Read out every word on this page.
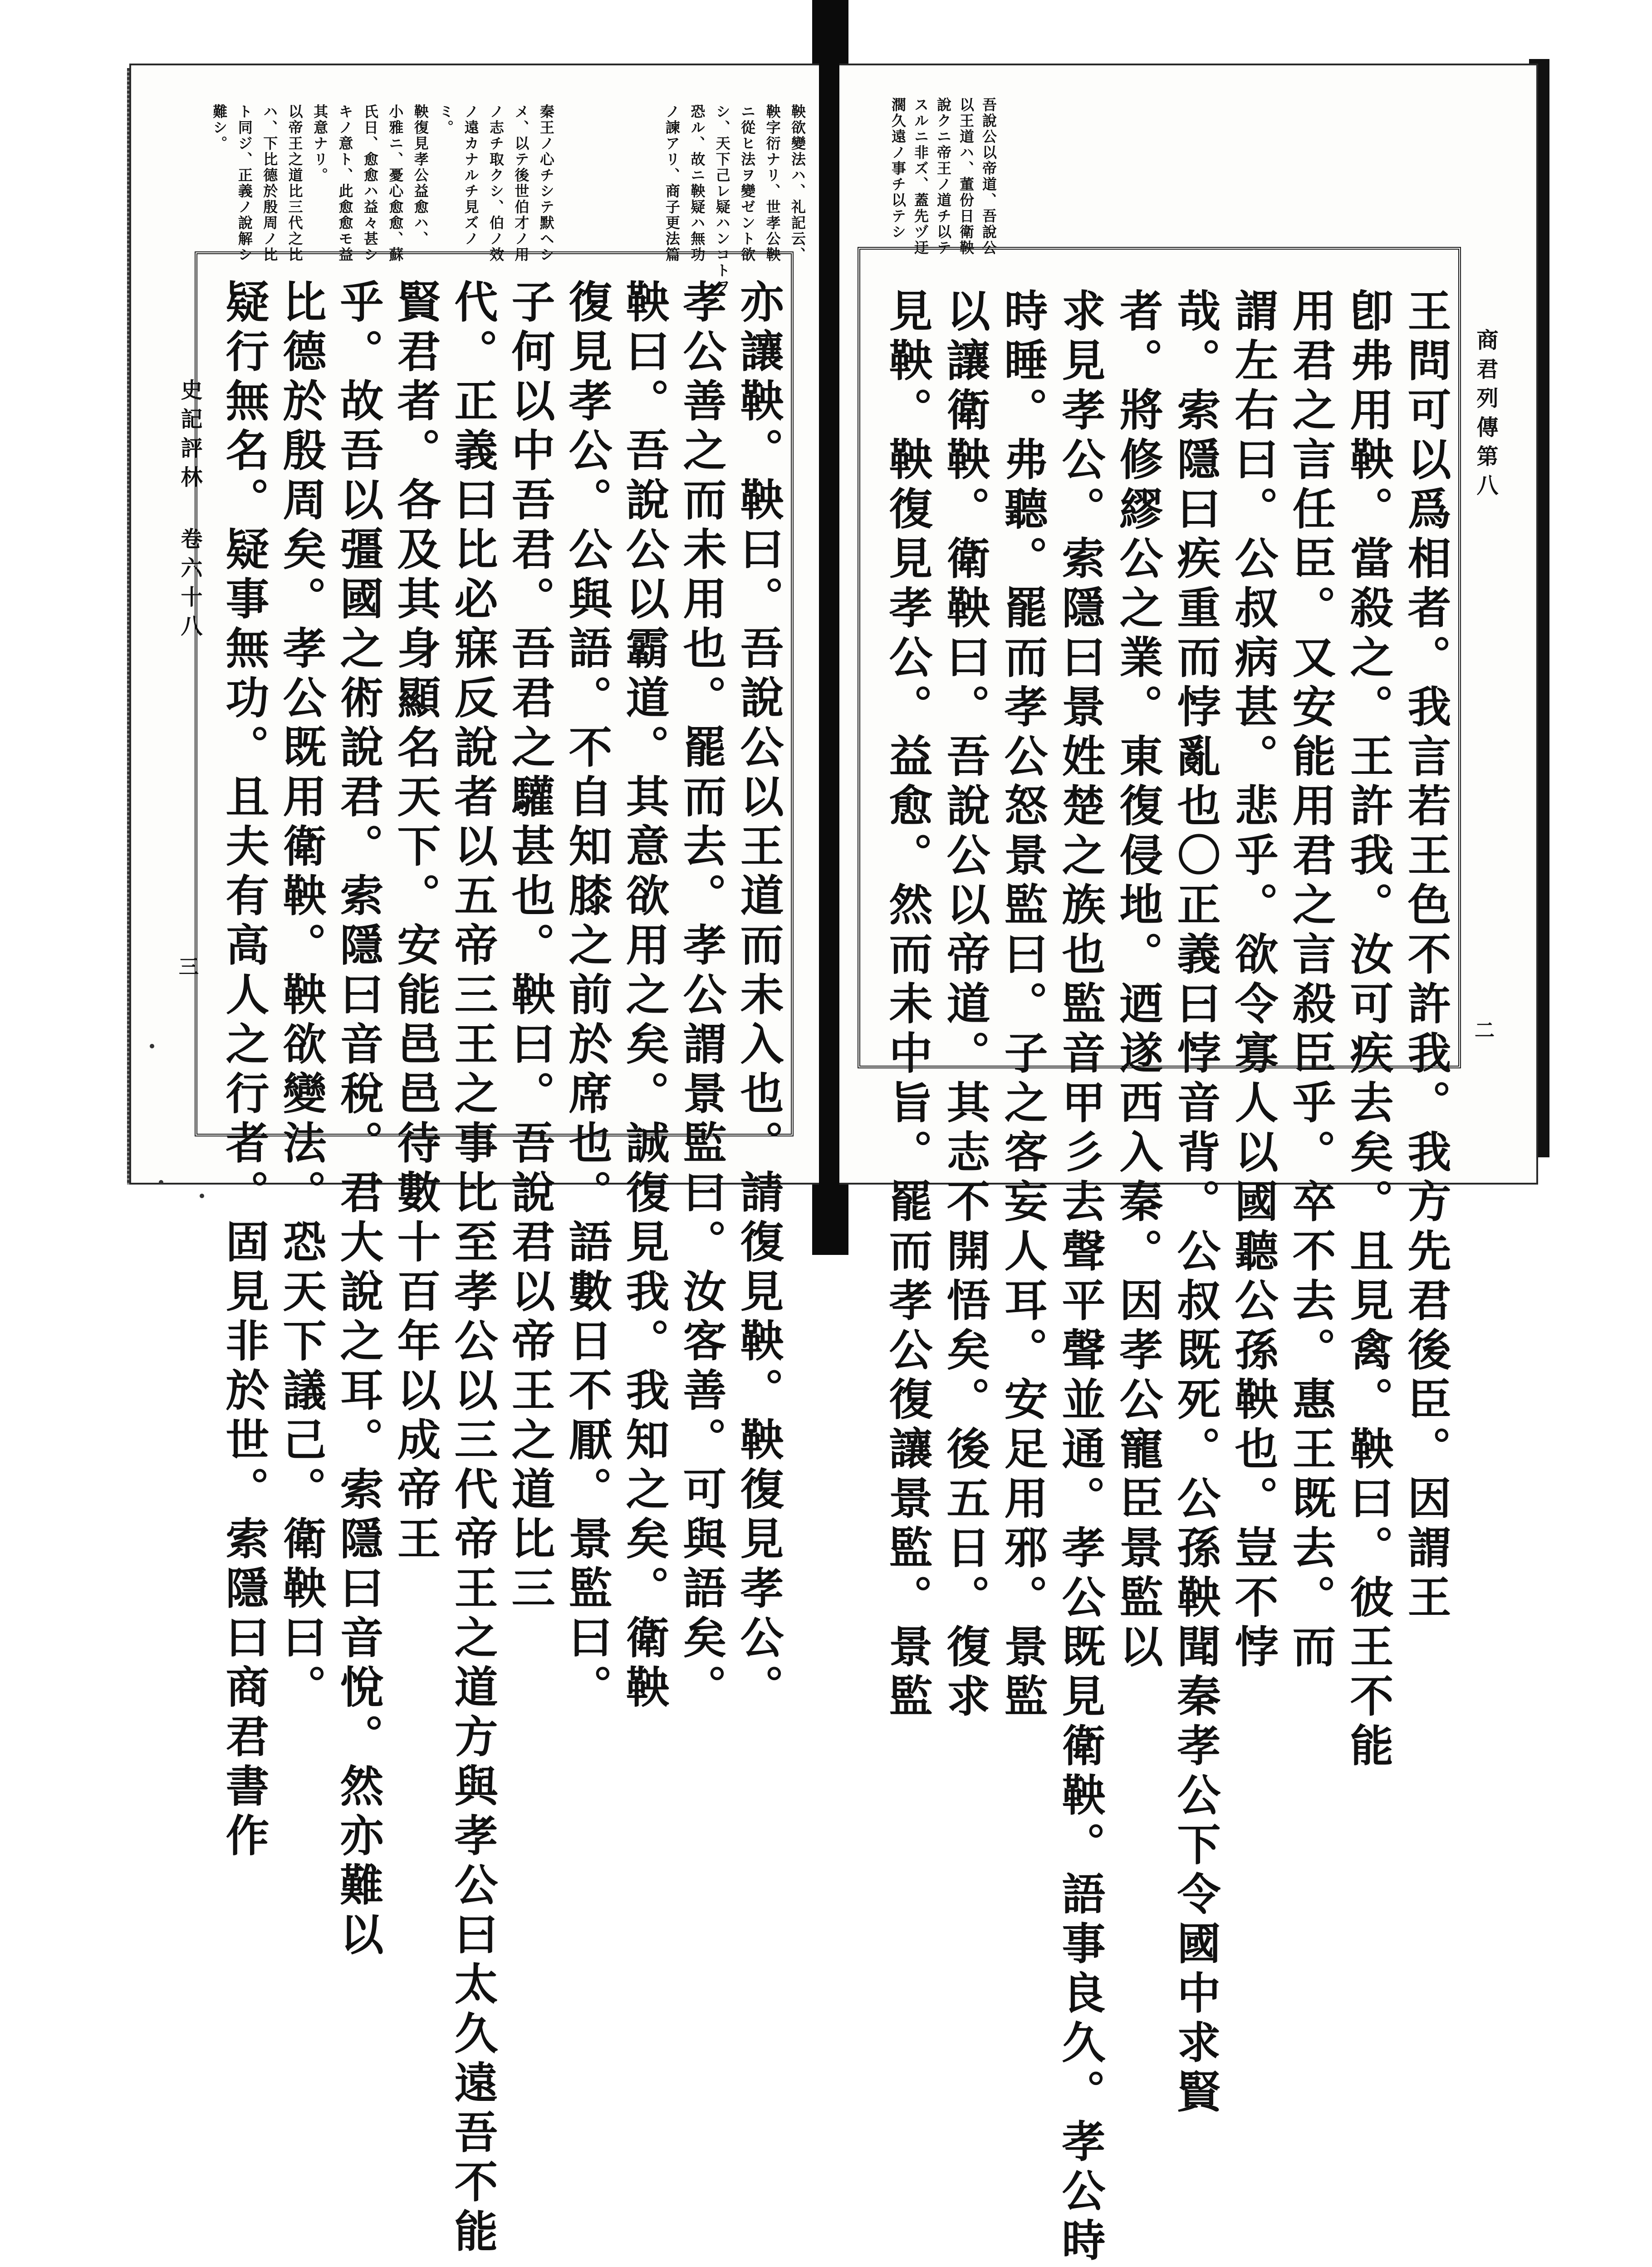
鞅欲變法ハ、礼記云、
鞅字衍ナリ、世孝公鞅
ニ從ヒ法ヲ變ゼント欲
シ、天下己レ疑ハンコトヲ
恐ル、故ニ鞅疑ハ無功
ノ諫アリ、商子更法篇
秦王ノ心チシテ默ヘシ
メ、以テ後世伯才ノ用
ノ志チ取クシ、伯ノ效
ノ遠カナルチ見ズノ
ミ。
鞅復見孝公益愈ハ、
小雅ニ、憂心愈愈、蘇
氏日、愈愈ハ益々甚シ
キノ意ト、此愈愈モ益
其意ナリ。
以帝王之道比三代之比
ハ、下比德於殷周ノ比
ト同ジ、正義ノ說解シ
難シ。
亦讓鞅。鞅曰。吾說公以王道而未入也。請復見鞅。鞅復見孝公。
孝公善之而未用也。罷而去。孝公謂景監曰。汝客善。可與語矣。
鞅曰。吾說公以霸道。其意欲用之矣。誠復見我。我知之矣。衛鞅
復見孝公。公與語。不自知膝之前於席也。語數日不厭。景監曰。
子何以中吾君。吾君之驩甚也。鞅曰。吾說君以帝王之道比三
代。正義曰比必寐反說者以五帝三王之事比至孝公以三代帝王之道方與孝公曰太久遠吾不能
賢君者。各及其身顯名天下。安能邑邑待數十百年以成帝王
乎。故吾以彊國之術說君。索隱曰音稅。君大說之耳。索隱曰音悅。然亦難以
比德於殷周矣。孝公既用衛鞅。鞅欲變法。恐天下議己。衛鞅曰。
疑行無名。疑事無功。且夫有高人之行者。固見非於世。索隱曰商君書作
史記評林 卷六十八
三
吾說公以帝道、吾說公
以王道ハ、董份日衛鞅
說クニ帝王ノ道チ以テ
スルニ非ズ、蓋先ヅ迂
濶久遠ノ事チ以テシ
王問可以爲相者。我言若王色不許我。我方先君後臣。因謂王
卽弗用鞅。當殺之。王許我。汝可疾去矣。且見禽。鞅曰。彼王不能
用君之言任臣。又安能用君之言殺臣乎。卒不去。惠王既去。而
謂左右曰。公叔病甚。悲乎。欲令寡人以國聽公孫鞅也。豈不悖
哉。索隱曰疾重而悖亂也〇正義曰悖音背。公叔既死。公孫鞅聞秦孝公下令國中求賢
者。將修繆公之業。東復侵地。迺遂西入秦。因孝公寵臣景監以
求見孝公。索隱曰景姓楚之族也監音甲彡去聲平聲並通。孝公既見衛鞅。語事良久。孝公時
時睡。弗聽。罷而孝公怒景監曰。子之客妄人耳。安足用邪。景監
以讓衛鞅。衛鞅曰。吾說公以帝道。其志不開悟矣。後五日。復求
見鞅。鞅復見孝公。益愈。然而未中旨。罷而孝公復讓景監。景監	商君列傳第八
二
